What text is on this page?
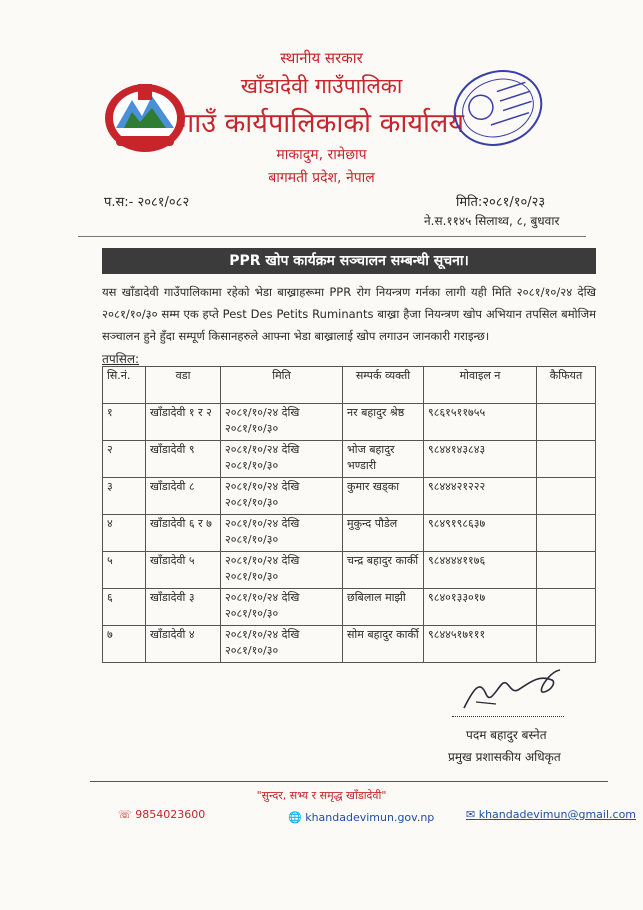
स्थानीय सरकार
खाँडादेवी गाउँपालिका
गाउँ कार्यपालिकाको कार्यालय
माकादुम, रामेछाप
बागमती प्रदेश, नेपाल
प.स:- २०८१/०८२	मिति:२०८१/१०/२३
ने.स.११४५ सिलाथ्व, ८, बुधवार
PPR खोप कार्यक्रम सञ्चालन सम्बन्धी सूचना।
यस खाँडादेवी गाउँपालिकामा रहेको भेडा बाख्राहरूमा PPR रोग नियन्त्रण गर्नका लागी यही मिति २०८१/१०/२४ देखि २०८१/१०/३० सम्म एक हप्ते Pest Des Petits Ruminants बाख्रा हैजा नियन्त्रण खोप अभियान तपसिल बमोजिम सञ्चालन हुने हुँदा सम्पूर्ण किसानहरुले आफ्ना भेडा बाख्रालाई खोप लगाउन जानकारी गराइन्छ।
तपसिल:
सि.नं.	वडा	मिति	सम्पर्क व्यक्ती	मोवाइल न	कैफियत
१	खाँडादेवी १ र २	२०८१/१०/२४ देखि २०८१/१०/३०	नर बहादुर श्रेष्ठ	९८६१५११७५५	
२	खाँडादेवी ९	२०८१/१०/२४ देखि २०८१/१०/३०	भोज बहादुर भण्डारी	९८४४१४३८४३	
३	खाँडादेवी ८	२०८१/१०/२४ देखि २०८१/१०/३०	कुमार खड्का	९८४४४२१२२२	
४	खाँडादेवी ६ र ७	२०८१/१०/२४ देखि २०८१/१०/३०	मुकुन्द पौडेल	९८४९१९८६३७	
५	खाँडादेवी ५	२०८१/१०/२४ देखि २०८१/१०/३०	चन्द्र बहादुर कार्की	९८४४४४११७६	
६	खाँडादेवी ३	२०८१/१०/२४ देखि २०८१/१०/३०	छबिलाल माझी	९८४०१३३०१७	
७	खाँडादेवी ४	२०८१/१०/२४ देखि २०८१/१०/३०	सोम बहादुर कार्की	९८४४५१७१११	
पदम बहादुर बस्नेत
प्रमुख प्रशासकीय अधिकृत
"सुन्दर, सभ्य र समृद्ध खाँडादेवी"
☏ 9854023600	🌐 khandadevimun.gov.np	✉ khandadevimun@gmail.com
